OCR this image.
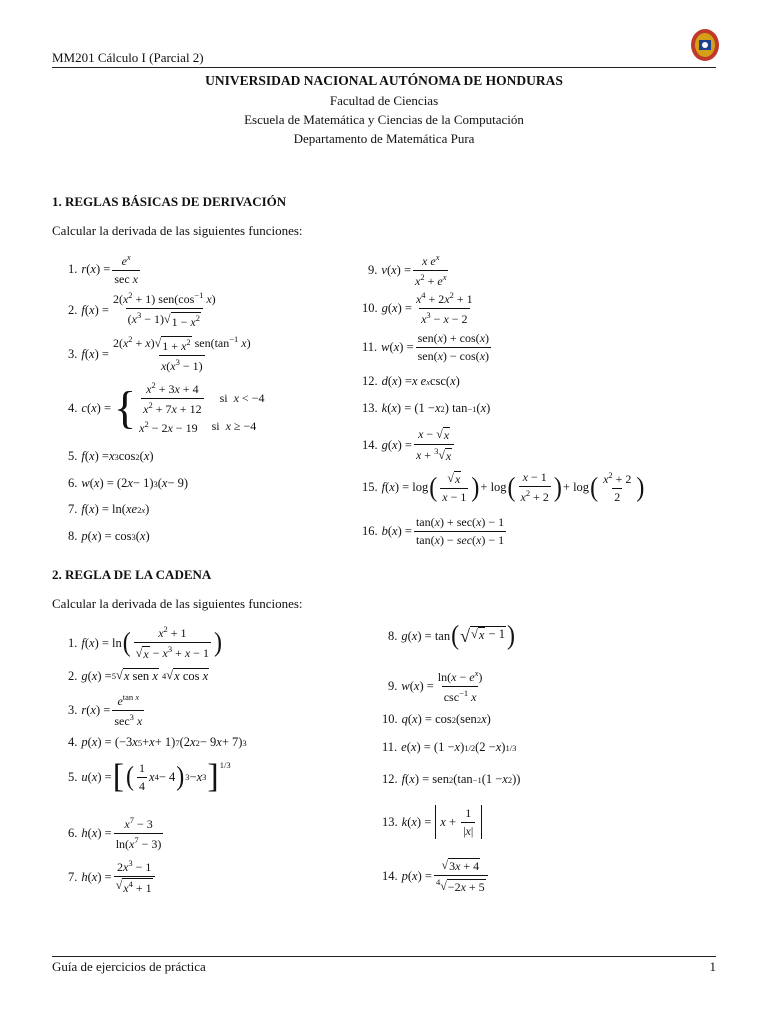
MM201 Cálculo I (Parcial 2)
UNIVERSIDAD NACIONAL AUTÓNOMA DE HONDURAS
Facultad de Ciencias
Escuela de Matemática y Ciencias de la Computación
Departamento de Matemática Pura
1. REGLAS BÁSICAS DE DERIVACIÓN
Calcular la derivada de las siguientes funciones:
1. r ( x ) = $\frac{e^x}{\text{sec x}}$
2. f ( x ) = $\frac{2(x^2 + 1) sen(\cos^{-1} x)}{(x^3 - 1) √ 1 - x^2}$
3. f ( x ) = $\frac{2(x^2 + x) √ 1 + x^2 sen(\tan^{-1} x)}{x(x^3 - 1)}$
4. c ( x ) = { $\frac{x^2 + 3x + 4}{x^2 + 7x + 12}$ si  x < −4
$x^2 - 2x - 19$ si  x ≥ −4
5. f ( x ) = x 3 cos 2 ( x )
6. w ( x ) = (2 x − 1) 3 ( x − 9)
7. f ( x ) = ln( xe 2x )
8. p ( x ) = cos 3 ( x )
9. v ( x ) = $\frac{x e^x}{x^2 + e^x}$
10. g ( x ) = $\frac{x^4 + 2x^2 + 1}{x^3 - x - 2}$
11. w ( x ) = $\frac{\text{sen(x) + cos(x)}}{\text{sen(x) − cos(x)}}$
12. d ( x ) = x e x csc( x )
13. k ( x ) = (1 − x 2 ) tan −1 ( x )
14. g ( x ) = $\frac{x - √ x}{x + ^3 √ x}$
15. f ( x ) = log ( $\frac{√ x}{x - 1}$ ) + log ( $\frac{x - 1}{x^2 + 2}$ ) + log ( $\frac{x^2 + 2}{2}$ )
16. b ( x ) = $\frac{\tan(x) + \sec(x) - 1}{\tan(x) - \sec(x) - 1}$
2. REGLA DE LA CADENA
Calcular la derivada de las siguientes funciones:
1. f ( x ) = ln ( $\frac{x^2 + 1}{√ x - x^3 + x - 1}$ )
2. g ( x ) = 5 √ x sen x
4 √ x cos x
3. r ( x ) = $\frac{e^{tan x}}{\sec^3 x}$
4. p ( x ) = (−3 x 5 + x + 1) 7 (2 x 2 − 9 x + 7) 3
5. u ( x ) = [ ( $\frac{1}{4}$ x 4 − 4 ) 3 − x 3 ]$^{1/3}$
6. h ( x ) = $\frac{x^7 - 3}{\ln(x^7 - 3)}$
7. h ( x ) = $\frac{2x^3 - 1}{√ x^4 + 1}$
8. g ( x ) = tan ( √ √ x − 1 )
9. w ( x ) = $\frac{\ln(x - e^x)}{\csc^{-1} x}$
10. q ( x ) = cos 2 (sen 2 x )
11. e ( x ) = (1 − x ) 1/2 (2 − x ) 1/3
12. f ( x ) = sen 2 (tan −1 (1 − x 2 ))
13. k ( x ) = $x + \frac{1}{|x|}$
14. p ( x ) = $\frac{√ 3x + 4}{^4 √ -2x + 5}$
Guía de ejercicios de práctica	1
